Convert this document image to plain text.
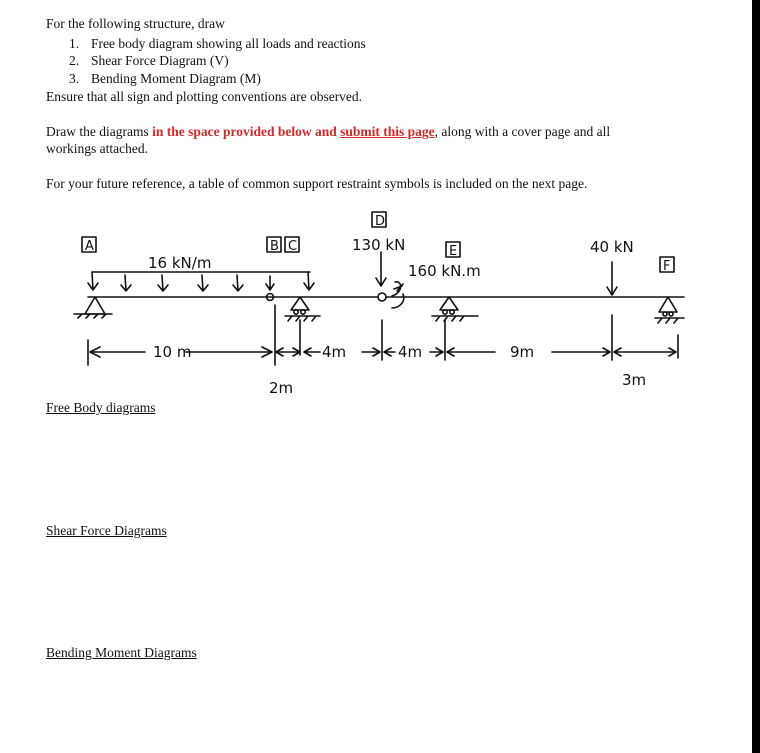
For the following structure, draw
1. Free body diagram showing all loads and reactions
2. Shear Force Diagram (V)
3. Bending Moment Diagram (M)
Ensure that all sign and plotting conventions are observed.
Draw the diagrams in the space provided below and submit this page, along with a cover page and all
workings attached.
For your future reference, a table of common support restraint symbols is included on the next page.
A	B C
D
E
F
16 kN/m
130 kN
160 kN.m
40 kN
10 m
2m
4m	4m	9m
3m
Free Body diagrams
Shear Force Diagrams
Bending Moment Diagrams
